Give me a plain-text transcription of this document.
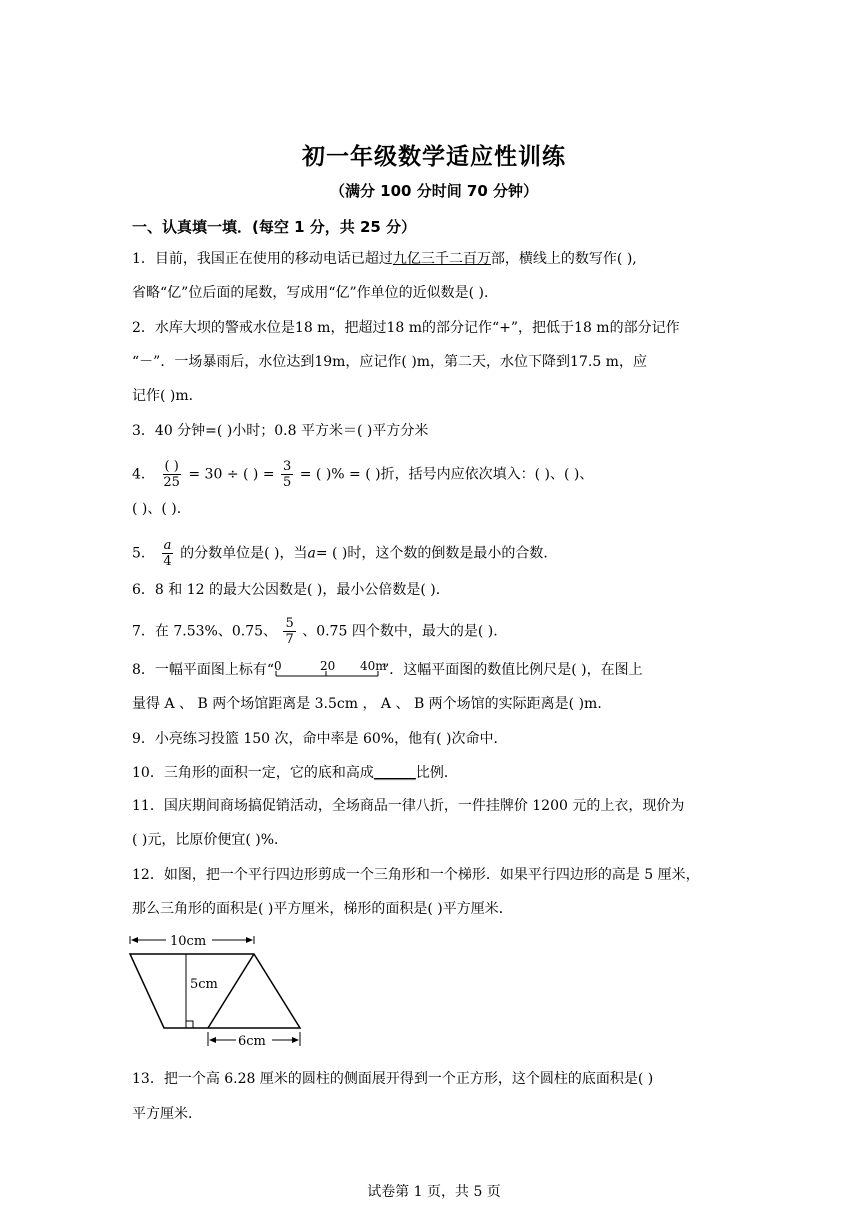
初一年级数学适应性训练
（满分 100 分时间 70 分钟）
一、认真填一填．(每空 1 分，共 25 分）
1．目前，我国正在使用的移动电话已超过九亿三千二百万部，横线上的数写作( ),
省略“亿”位后面的尾数，写成用“亿”作单位的近似数是( ).
2．水库大坝的警戒水位是18 m，把超过18 m的部分记作“+”，把低于18 m的部分记作
“－”．一场暴雨后，水位达到19m，应记作( )m，第二天，水位下降到17.5 m，应
记作( )m．
3．40 分钟=( )小时；0.8 平方米＝( )平方分米
4． $\frac{( )}{25} = 30$ ÷ ( ) = $\frac{3}{5}$ = ( )% = ( )折，括号内应依次填入：( )、( )、
( )、( ).
5． $\frac{a}{4}$ 的分数单位是( )，当a= ( )时，这个数的倒数是最小的合数．
6．8 和 12 的最大公因数是( )，最小公倍数是( ).
7．在 7.53%、0.75、 $\frac{5}{7}$ 、0.7̇5̇ 四个数中，最大的是( ).
8．一幅平面图上标有“ 0	20 40m
”．这幅平面图的数值比例尺是( )，在图上
量得 A 、 B 两个场馆距离是 3.5cm ， A 、 B 两个场馆的实际距离是( )m．
9．小亮练习投篮 150 次，命中率是 60%，他有( )次命中．
10．三角形的面积一定，它的底和高成______比例．
11．国庆期间商场搞促销活动，全场商品一律八折，一件挂牌价 1200 元的上衣，现价为
( )元，比原价便宜( )%．
12．如图，把一个平行四边形剪成一个三角形和一个梯形．如果平行四边形的高是 5 厘米，
那么三角形的面积是( )平方厘米，梯形的面积是( )平方厘米．
10cm
5cm
6cm
13．把一个高 6.28 厘米的圆柱的侧面展开得到一个正方形，这个圆柱的底面积是( )
平方厘米．
试卷第 1 页，共 5 页
